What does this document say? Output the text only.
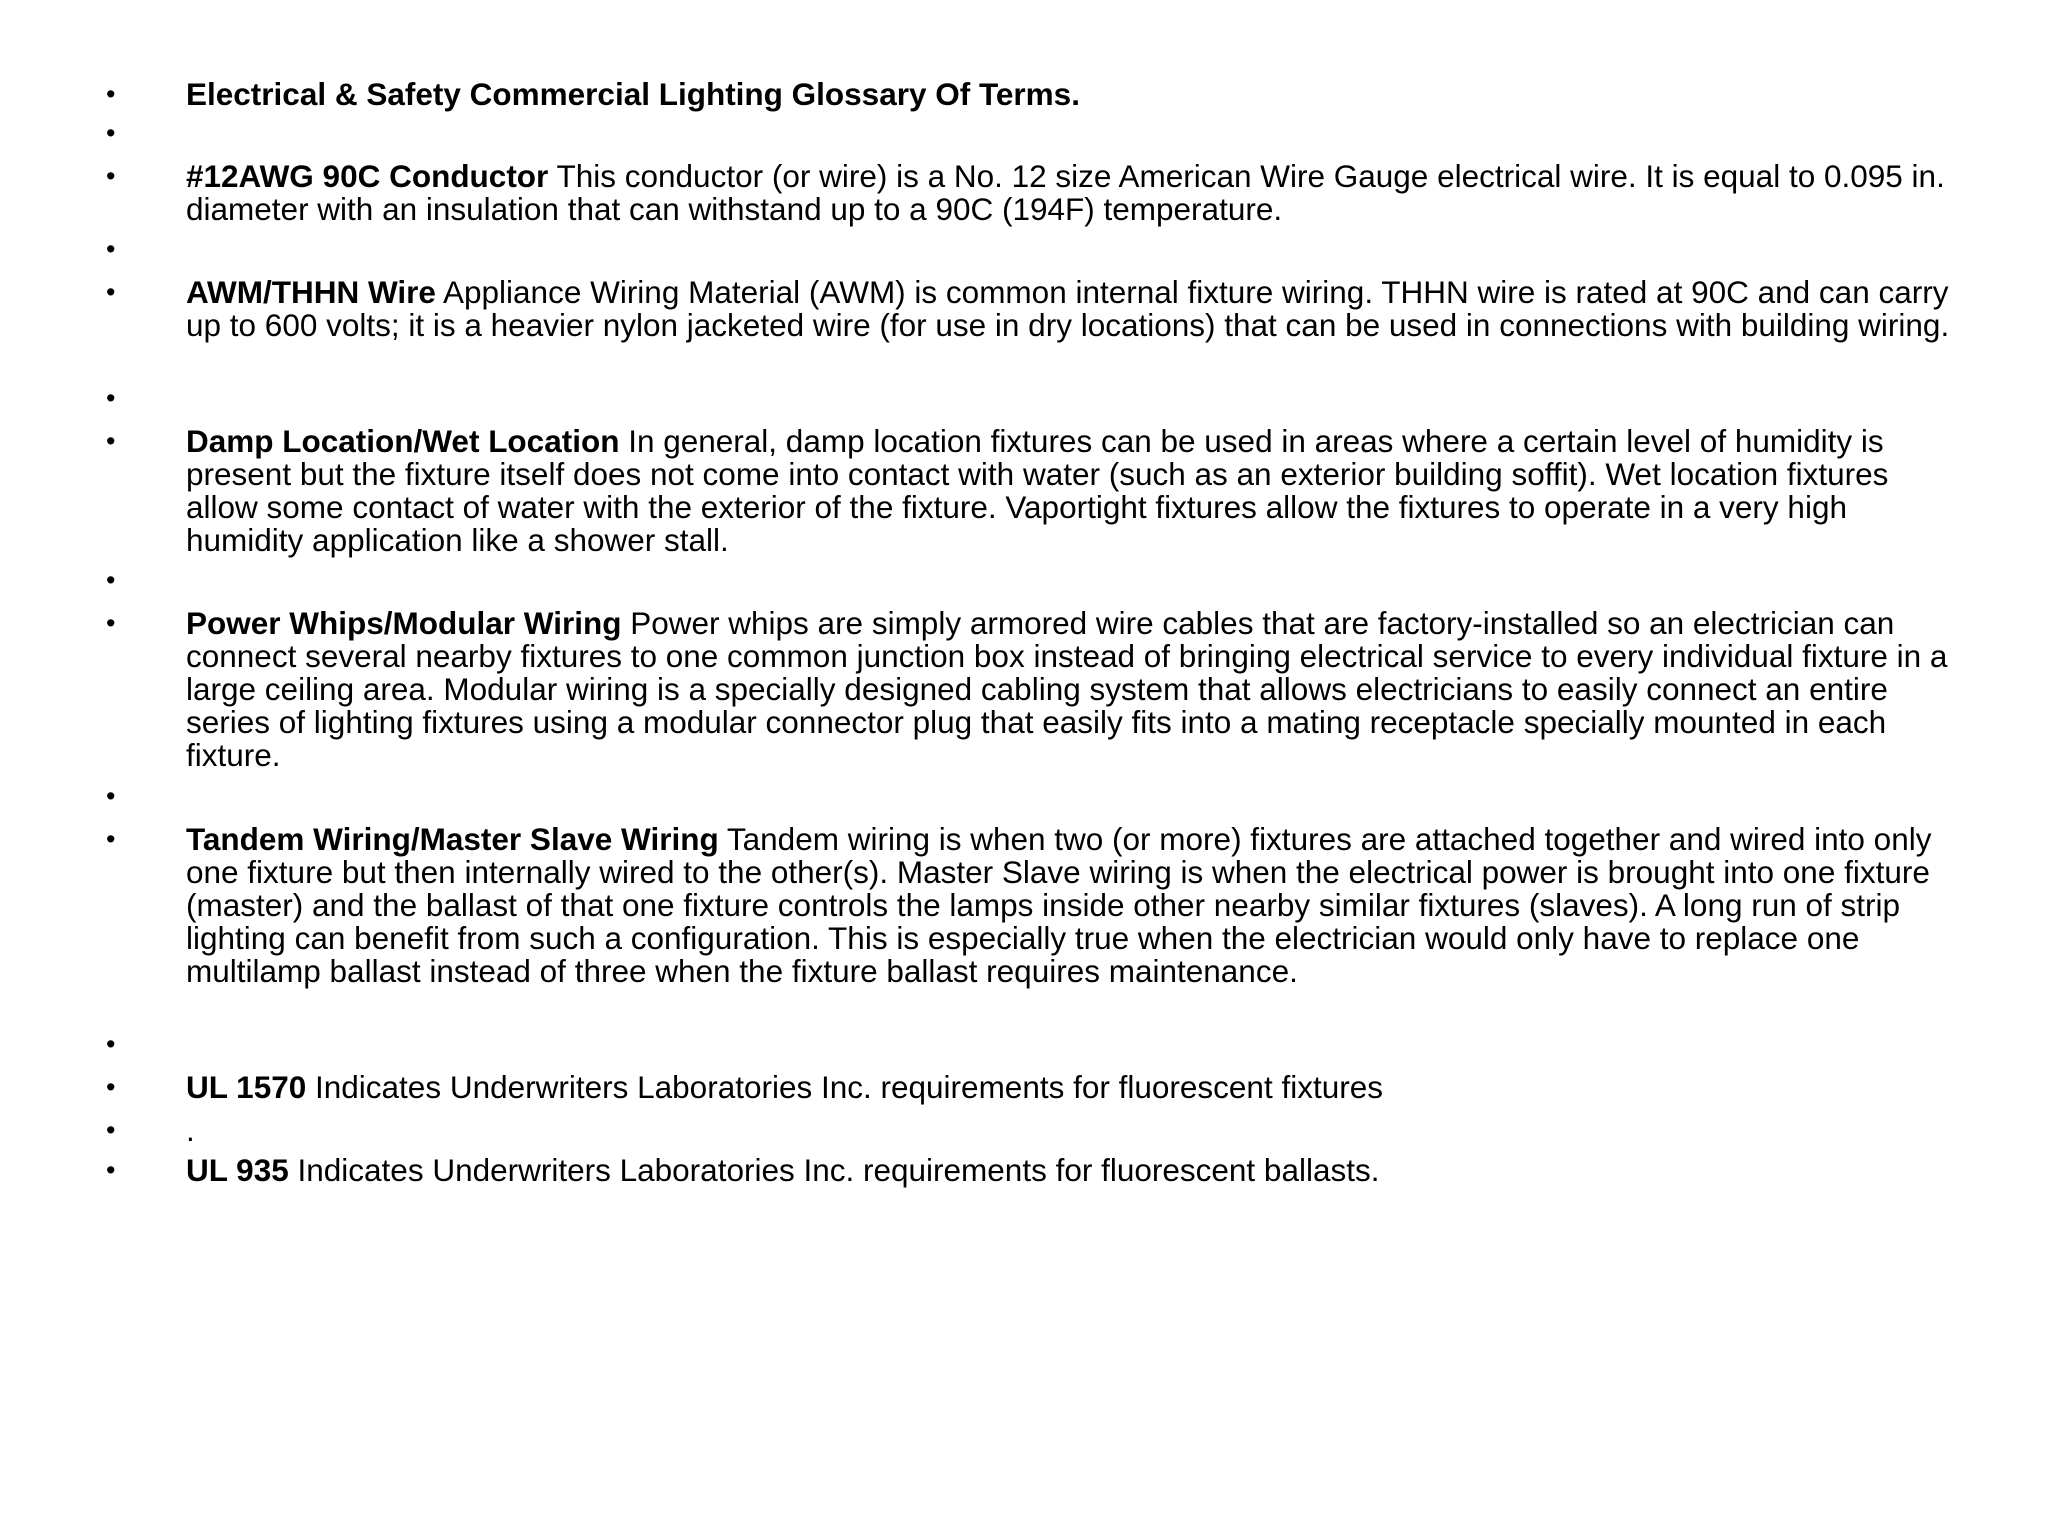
• Electrical & Safety Commercial Lighting Glossary Of Terms.
•
• #12AWG 90C Conductor This conductor (or wire) is a No. 12 size American Wire Gauge electrical wire. It is equal to 0.095 in. diameter with an insulation that can withstand up to a 90C (194F) temperature.
•
• AWM/THHN Wire Appliance Wiring Material (AWM) is common internal fixture wiring. THHN wire is rated at 90C and can carry up to 600 volts; it is a heavier nylon jacketed wire (for use in dry locations) that can be used in connections with building wiring.
•
• Damp Location/Wet Location In general, damp location fixtures can be used in areas where a certain level of humidity is present but the fixture itself does not come into contact with water (such as an exterior building soffit). Wet location fixtures allow some contact of water with the exterior of the fixture. Vaportight fixtures allow the fixtures to operate in a very high humidity application like a shower stall.
•
• Power Whips/Modular Wiring Power whips are simply armored wire cables that are factory-installed so an electrician can connect several nearby fixtures to one common junction box instead of bringing electrical service to every individual fixture in a large ceiling area. Modular wiring is a specially designed cabling system that allows electricians to easily connect an entire series of lighting fixtures using a modular connector plug that easily fits into a mating receptacle specially mounted in each fixture.
•
• Tandem Wiring/Master Slave Wiring Tandem wiring is when two (or more) fixtures are attached together and wired into only one fixture but then internally wired to the other(s). Master Slave wiring is when the electrical power is brought into one fixture (master) and the ballast of that one fixture controls the lamps inside other nearby similar fixtures (slaves). A long run of strip lighting can benefit from such a configuration. This is especially true when the electrician would only have to replace one multilamp ballast instead of three when the fixture ballast requires maintenance.
•
• UL 1570 Indicates Underwriters Laboratories Inc. requirements for fluorescent fixtures
• .
• UL 935 Indicates Underwriters Laboratories Inc. requirements for fluorescent ballasts.
